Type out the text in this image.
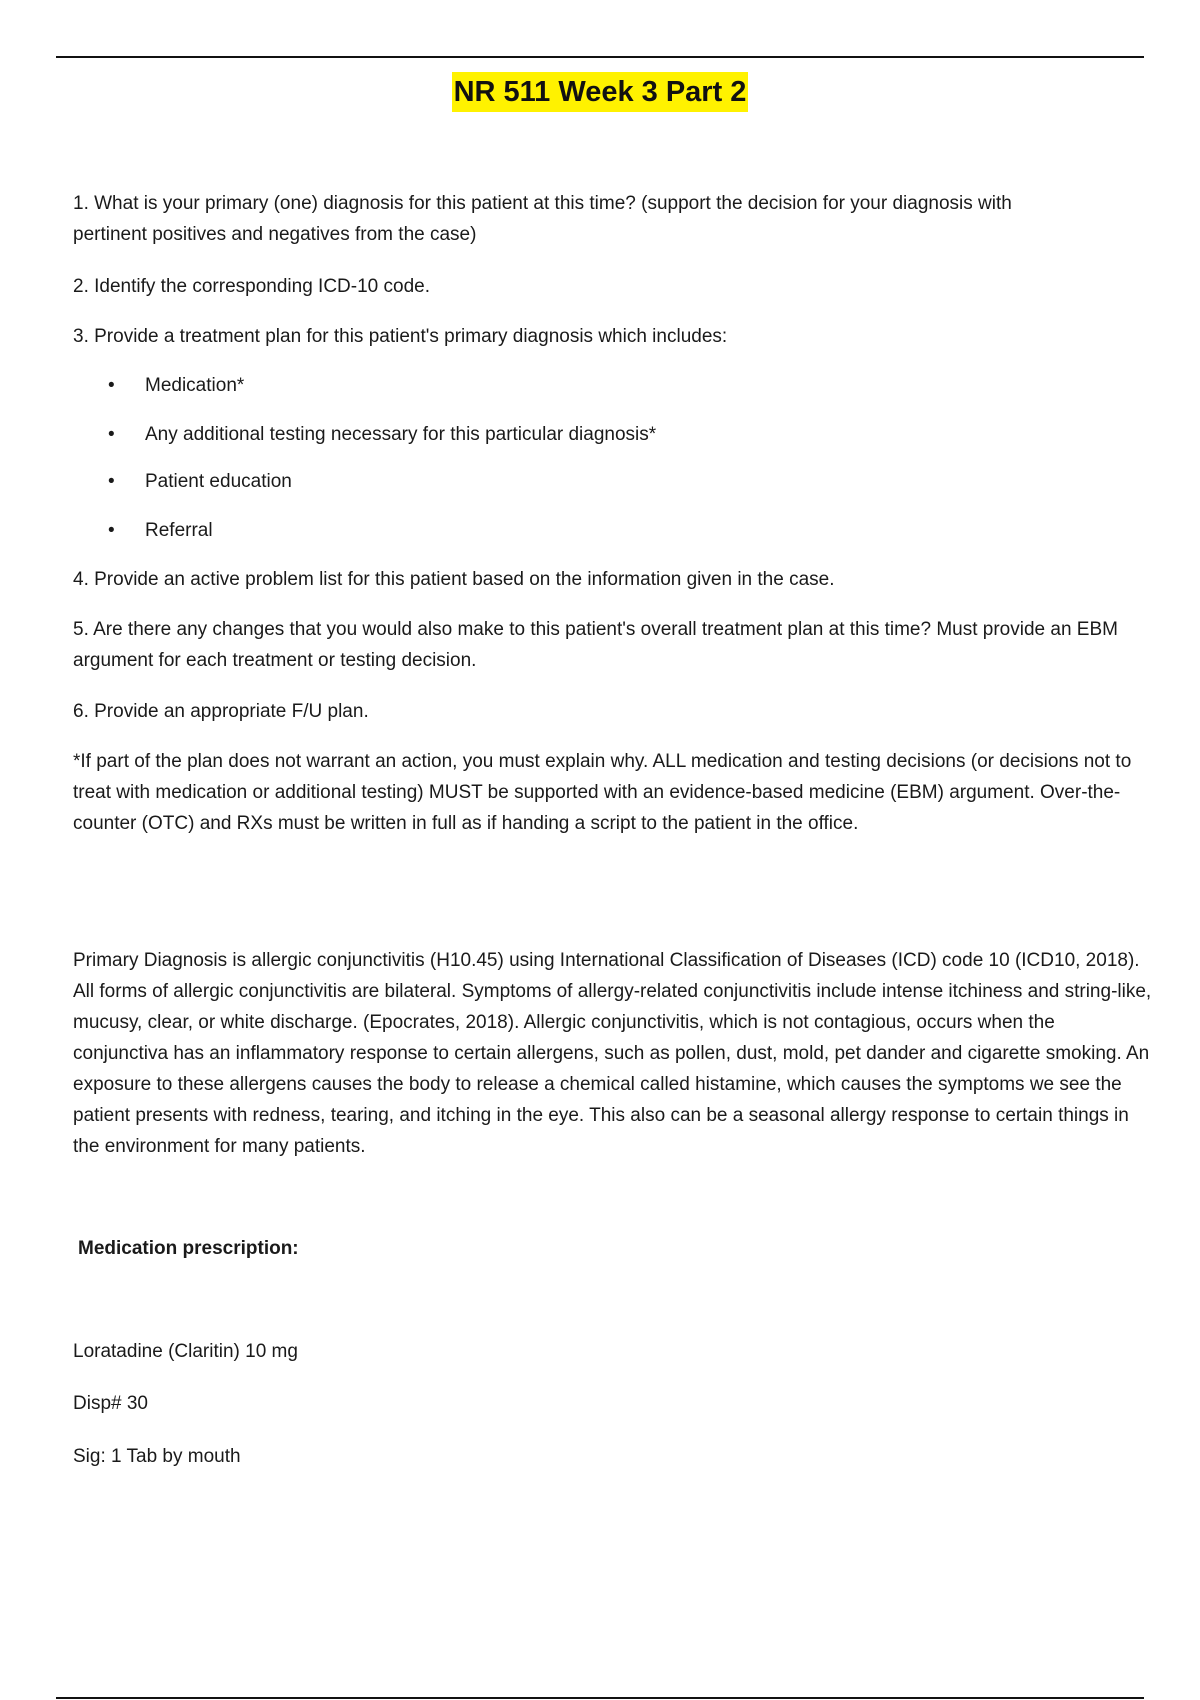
NR 511 Week 3 Part 2

1. What is your primary (one) diagnosis for this patient at this time? (support the decision for your diagnosis with pertinent positives and negatives from the case)

2. Identify the corresponding ICD-10 code.

3. Provide a treatment plan for this patient's primary diagnosis which includes:

• Medication*
• Any additional testing necessary for this particular diagnosis*
• Patient education
• Referral

4. Provide an active problem list for this patient based on the information given in the case.

5. Are there any changes that you would also make to this patient's overall treatment plan at this time? Must provide an EBM argument for each treatment or testing decision.

6. Provide an appropriate F/U plan.

*If part of the plan does not warrant an action, you must explain why. ALL medication and testing decisions (or decisions not to treat with medication or additional testing) MUST be supported with an evidence-based medicine (EBM) argument. Over-the-counter (OTC) and RXs must be written in full as if handing a script to the patient in the office.

Primary Diagnosis is allergic conjunctivitis (H10.45) using International Classification of Diseases (ICD) code 10 (ICD10, 2018). All forms of allergic conjunctivitis are bilateral. Symptoms of allergy-related conjunctivitis include intense itchiness and string-like, mucusy, clear, or white discharge. (Epocrates, 2018). Allergic conjunctivitis, which is not contagious, occurs when the conjunctiva has an inflammatory response to certain allergens, such as pollen, dust, mold, pet dander and cigarette smoking. An exposure to these allergens causes the body to release a chemical called histamine, which causes the symptoms we see the patient presents with redness, tearing, and itching in the eye. This also can be a seasonal allergy response to certain things in the environment for many patients.

Medication prescription:

Loratadine (Claritin) 10 mg

Disp# 30

Sig: 1 Tab by mouth
